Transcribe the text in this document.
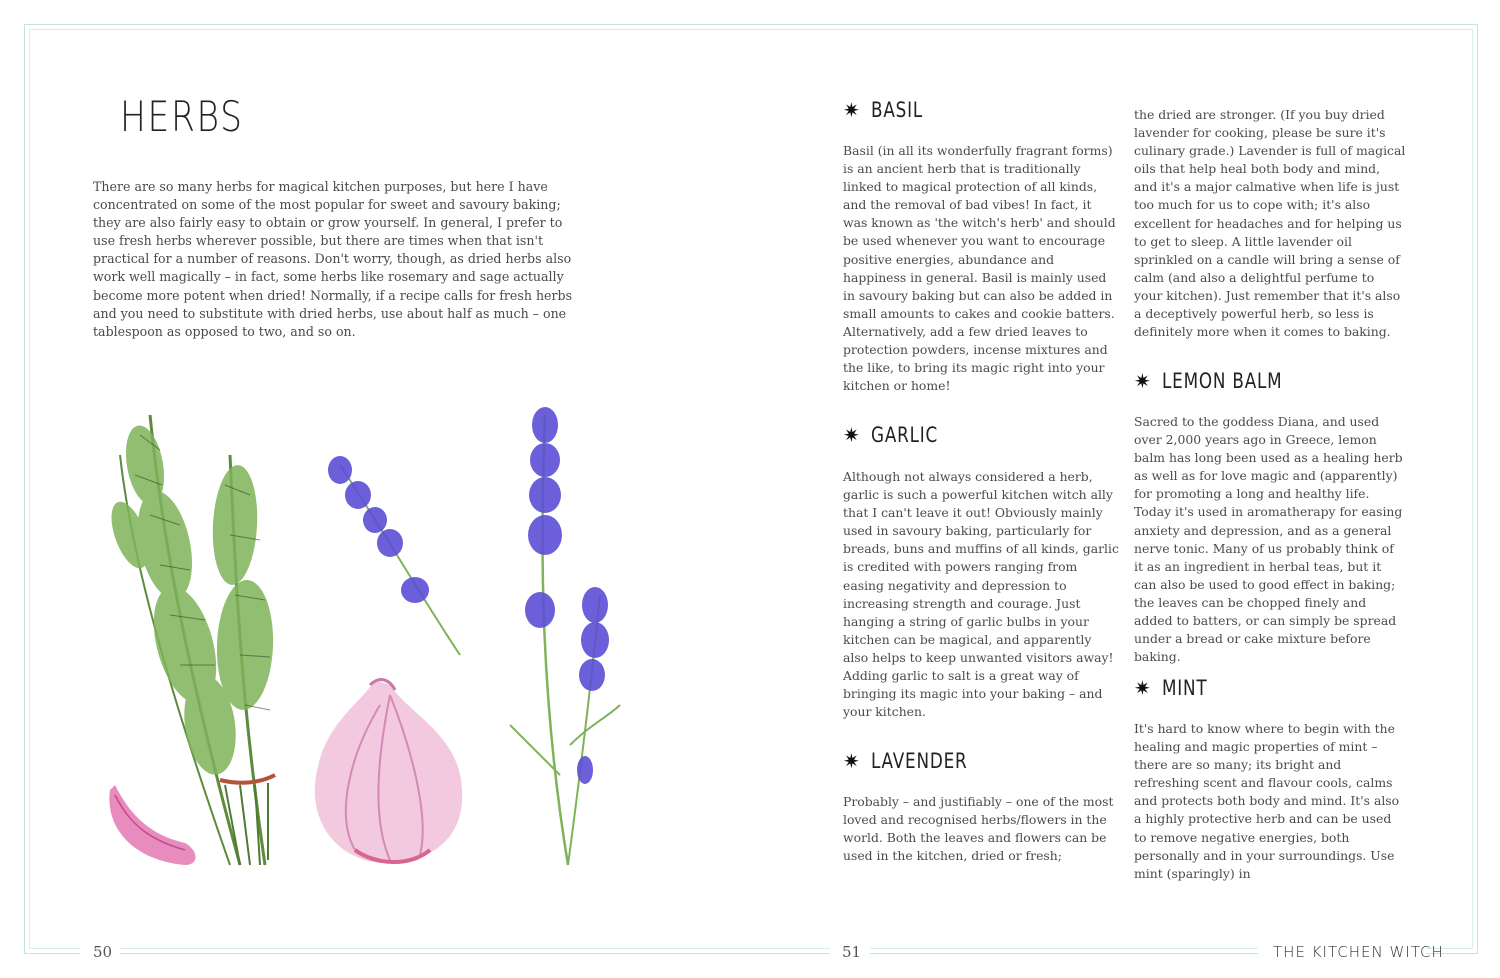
HERBS
There are so many herbs for magical kitchen purposes, but here I have concentrated on some of the most popular for sweet and savoury baking; they are also fairly easy to obtain or grow yourself. In general, I prefer to use fresh herbs wherever possible, but there are times when that isn't practical for a number of reasons. Don't worry, though, as dried herbs also work well magically – in fact, some herbs like rosemary and sage actually become more potent when dried! Normally, if a recipe calls for fresh herbs and you need to substitute with dried herbs, use about half as much – one tablespoon as opposed to two, and so on.
✷ BASIL
Basil (in all its wonderfully fragrant forms) is an ancient herb that is traditionally linked to magical protection of all kinds, and the removal of bad vibes! In fact, it was known as 'the witch's herb' and should be used whenever you want to encourage positive energies, abundance and happiness in general. Basil is mainly used in savoury baking but can also be added in small amounts to cakes and cookie batters. Alternatively, add a few dried leaves to protection powders, incense mixtures and the like, to bring its magic right into your kitchen or home!
✷ GARLIC
Although not always considered a herb, garlic is such a powerful kitchen witch ally that I can't leave it out! Obviously mainly used in savoury baking, particularly for breads, buns and muffins of all kinds, garlic is credited with powers ranging from easing negativity and depression to increasing strength and courage. Just hanging a string of garlic bulbs in your kitchen can be magical, and apparently also helps to keep unwanted visitors away! Adding garlic to salt is a great way of bringing its magic into your baking – and your kitchen.
✷ LAVENDER
Probably – and justifiably – one of the most loved and recognised herbs/flowers in the world. Both the leaves and flowers can be used in the kitchen, dried or fresh;
the dried are stronger. (If you buy dried lavender for cooking, please be sure it's culinary grade.) Lavender is full of magical oils that help heal both body and mind, and it's a major calmative when life is just too much for us to cope with; it's also excellent for headaches and for helping us to get to sleep. A little lavender oil sprinkled on a candle will bring a sense of calm (and also a delightful perfume to your kitchen). Just remember that it's also a deceptively powerful herb, so less is definitely more when it comes to baking.
✷ LEMON BALM
Sacred to the goddess Diana, and used over 2,000 years ago in Greece, lemon balm has long been used as a healing herb as well as for love magic and (apparently) for promoting a long and healthy life. Today it's used in aromatherapy for easing anxiety and depression, and as a general nerve tonic. Many of us probably think of it as an ingredient in herbal teas, but it can also be used to good effect in baking; the leaves can be chopped finely and added to batters, or can simply be spread under a bread or cake mixture before baking.
✷ MINT
It's hard to know where to begin with the healing and magic properties of mint – there are so many; its bright and refreshing scent and flavour cools, calms and protects both body and mind. It's also a highly protective herb and can be used to remove negative energies, both personally and in your surroundings. Use mint (sparingly) in
50	51	THE KITCHEN WITCH
